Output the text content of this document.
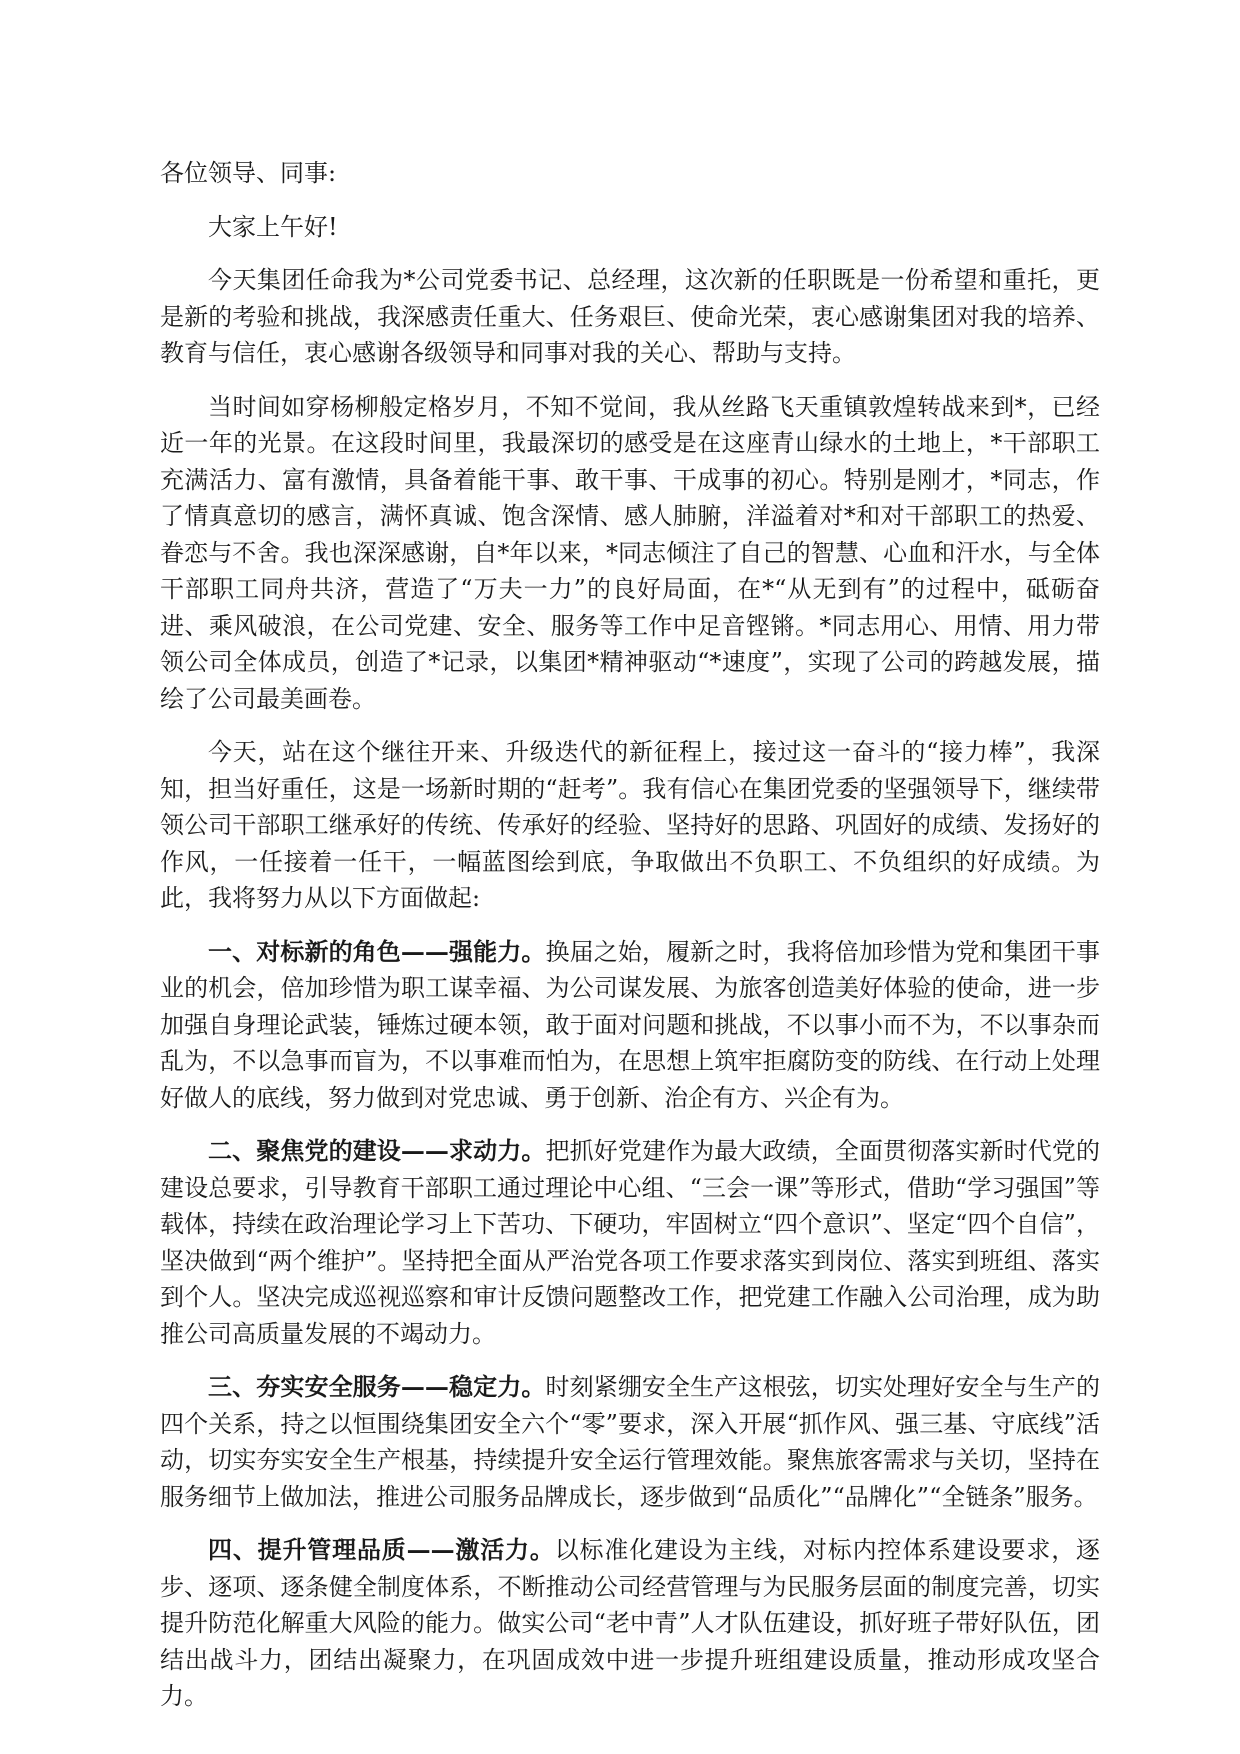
各位领导、同事:

大家上午好!

今天集团任命我为*公司党委书记、总经理，这次新的任职既是一份希望和重托，更是新的考验和挑战，我深感责任重大、任务艰巨、使命光荣，衷心感谢集团对我的培养、教育与信任，衷心感谢各级领导和同事对我的关心、帮助与支持。

当时间如穿杨柳般定格岁月，不知不觉间，我从丝路飞天重镇敦煌转战来到*，已经近一年的光景。在这段时间里，我最深切的感受是在这座青山绿水的土地上，*干部职工充满活力、富有激情，具备着能干事、敢干事、干成事的初心。特别是刚才，*同志，作了情真意切的感言，满怀真诚、饱含深情、感人肺腑，洋溢着对*和对干部职工的热爱、眷恋与不舍。我也深深感谢，自*年以来，*同志倾注了自己的智慧、心血和汗水，与全体干部职工同舟共济，营造了“万夫一力”的良好局面，在*“从无到有”的过程中，砥砺奋进、乘风破浪，在公司党建、安全、服务等工作中足音铿锵。*同志用心、用情、用力带领公司全体成员，创造了*记录，以集团*精神驱动“*速度”，实现了公司的跨越发展，描绘了公司最美画卷。

今天，站在这个继往开来、升级迭代的新征程上，接过这一奋斗的“接力棒”，我深知，担当好重任，这是一场新时期的“赶考”。我有信心在集团党委的坚强领导下，继续带领公司干部职工继承好的传统、传承好的经验、坚持好的思路、巩固好的成绩、发扬好的作风，一任接着一任干，一幅蓝图绘到底，争取做出不负职工、不负组织的好成绩。为此，我将努力从以下方面做起:

一、对标新的角色——强能力。换届之始，履新之时，我将倍加珍惜为党和集团干事业的机会，倍加珍惜为职工谋幸福、为公司谋发展、为旅客创造美好体验的使命，进一步加强自身理论武装，锤炼过硬本领，敢于面对问题和挑战，不以事小而不为，不以事杂而乱为，不以急事而盲为，不以事难而怕为，在思想上筑牢拒腐防变的防线、在行动上处理好做人的底线，努力做到对党忠诚、勇于创新、治企有方、兴企有为。

二、聚焦党的建设——求动力。把抓好党建作为最大政绩，全面贯彻落实新时代党的建设总要求，引导教育干部职工通过理论中心组、“三会一课”等形式，借助“学习强国”等载体，持续在政治理论学习上下苦功、下硬功，牢固树立“四个意识”、坚定“四个自信”，坚决做到“两个维护”。坚持把全面从严治党各项工作要求落实到岗位、落实到班组、落实到个人。坚决完成巡视巡察和审计反馈问题整改工作，把党建工作融入公司治理，成为助推公司高质量发展的不竭动力。

三、夯实安全服务——稳定力。时刻紧绷安全生产这根弦，切实处理好安全与生产的四个关系，持之以恒围绕集团安全六个“零”要求，深入开展“抓作风、强三基、守底线”活动，切实夯实安全生产根基，持续提升安全运行管理效能。聚焦旅客需求与关切，坚持在服务细节上做加法，推进公司服务品牌成长，逐步做到“品质化”“品牌化”“全链条”服务。

四、提升管理品质——激活力。以标准化建设为主线，对标内控体系建设要求，逐步、逐项、逐条健全制度体系，不断推动公司经营管理与为民服务层面的制度完善，切实提升防范化解重大风险的能力。做实公司“老中青”人才队伍建设，抓好班子带好队伍，团结出战斗力，团结出凝聚力，在巩固成效中进一步提升班组建设质量，推动形成攻坚合力。
